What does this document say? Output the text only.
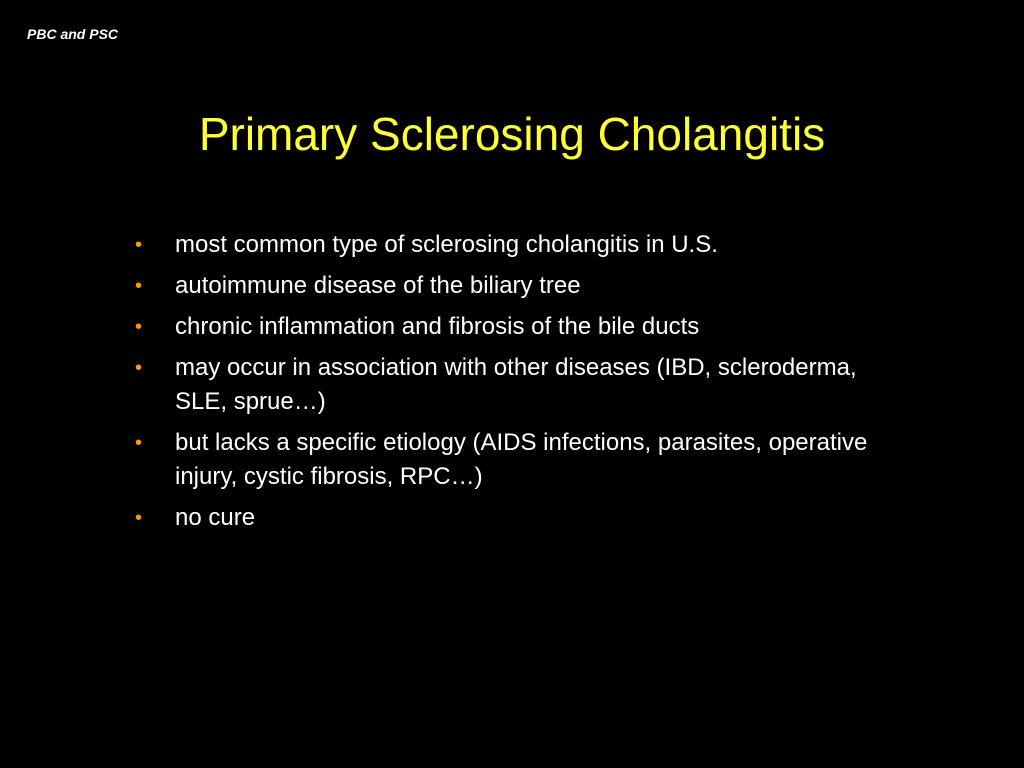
PBC and PSC
Primary Sclerosing Cholangitis
• most common type of sclerosing cholangitis in U.S.
• autoimmune disease of the biliary tree
• chronic inflammation and fibrosis of the bile ducts
• may occur in association with other diseases (IBD, scleroderma, SLE, sprue…)
• but lacks a specific etiology (AIDS infections, parasites, operative injury, cystic fibrosis, RPC…)
• no cure
